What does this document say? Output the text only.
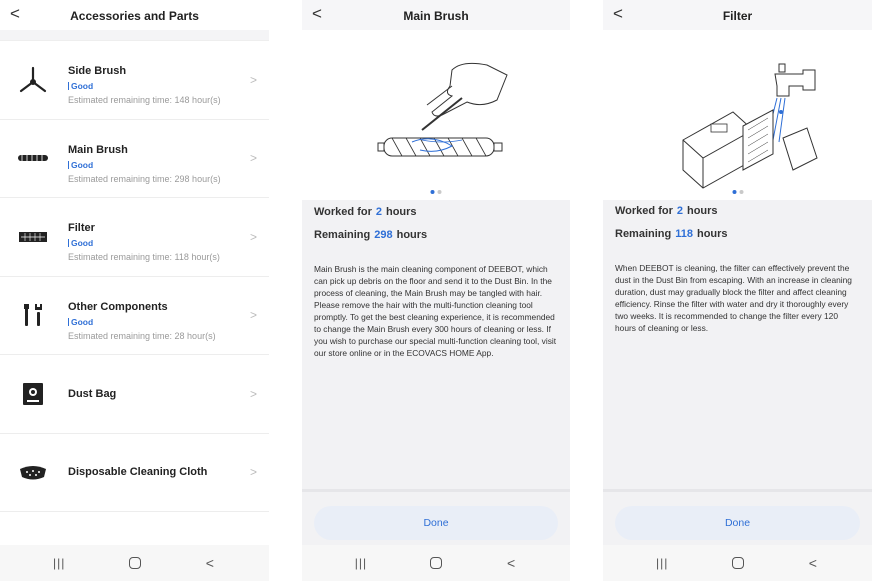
<	Accessories and Parts
Side Brush
Good
Estimated remaining time: 148 hour(s)
>
Main Brush
Good
Estimated remaining time: 298 hour(s)
>
Filter
Good
Estimated remaining time: 118 hour(s)
>
Other Components
Good
Estimated remaining time: 28 hour(s)
>
Dust Bag	>
Disposable Cleaning Cloth	>
|||	<
<	Main Brush
Worked for 2 hours
Remaining 298 hours
Main Brush is the main cleaning component of DEEBOT, which can pick up debris on the floor and send it to the Dust Bin. In the process of cleaning, the Main Brush may be tangled with hair. Please remove the hair with the multi-function cleaning tool promptly. To get the best cleaning experience, it is recommended to change the Main Brush every 300 hours of cleaning or less. If you wish to purchase our special multi-function cleaning tool, visit our store online or in the ECOVACS HOME App.
Done
|||	<
<	Filter
Worked for 2 hours
Remaining 118 hours
When DEEBOT is cleaning, the filter can effectively prevent the dust in the Dust Bin from escaping. With an increase in cleaning duration, dust may gradually block the filter and affect cleaning efficiency. Rinse the filter with water and dry it thoroughly every two weeks. It is recommended to change the filter every 120 hours of cleaning or less.
Done
|||	<
